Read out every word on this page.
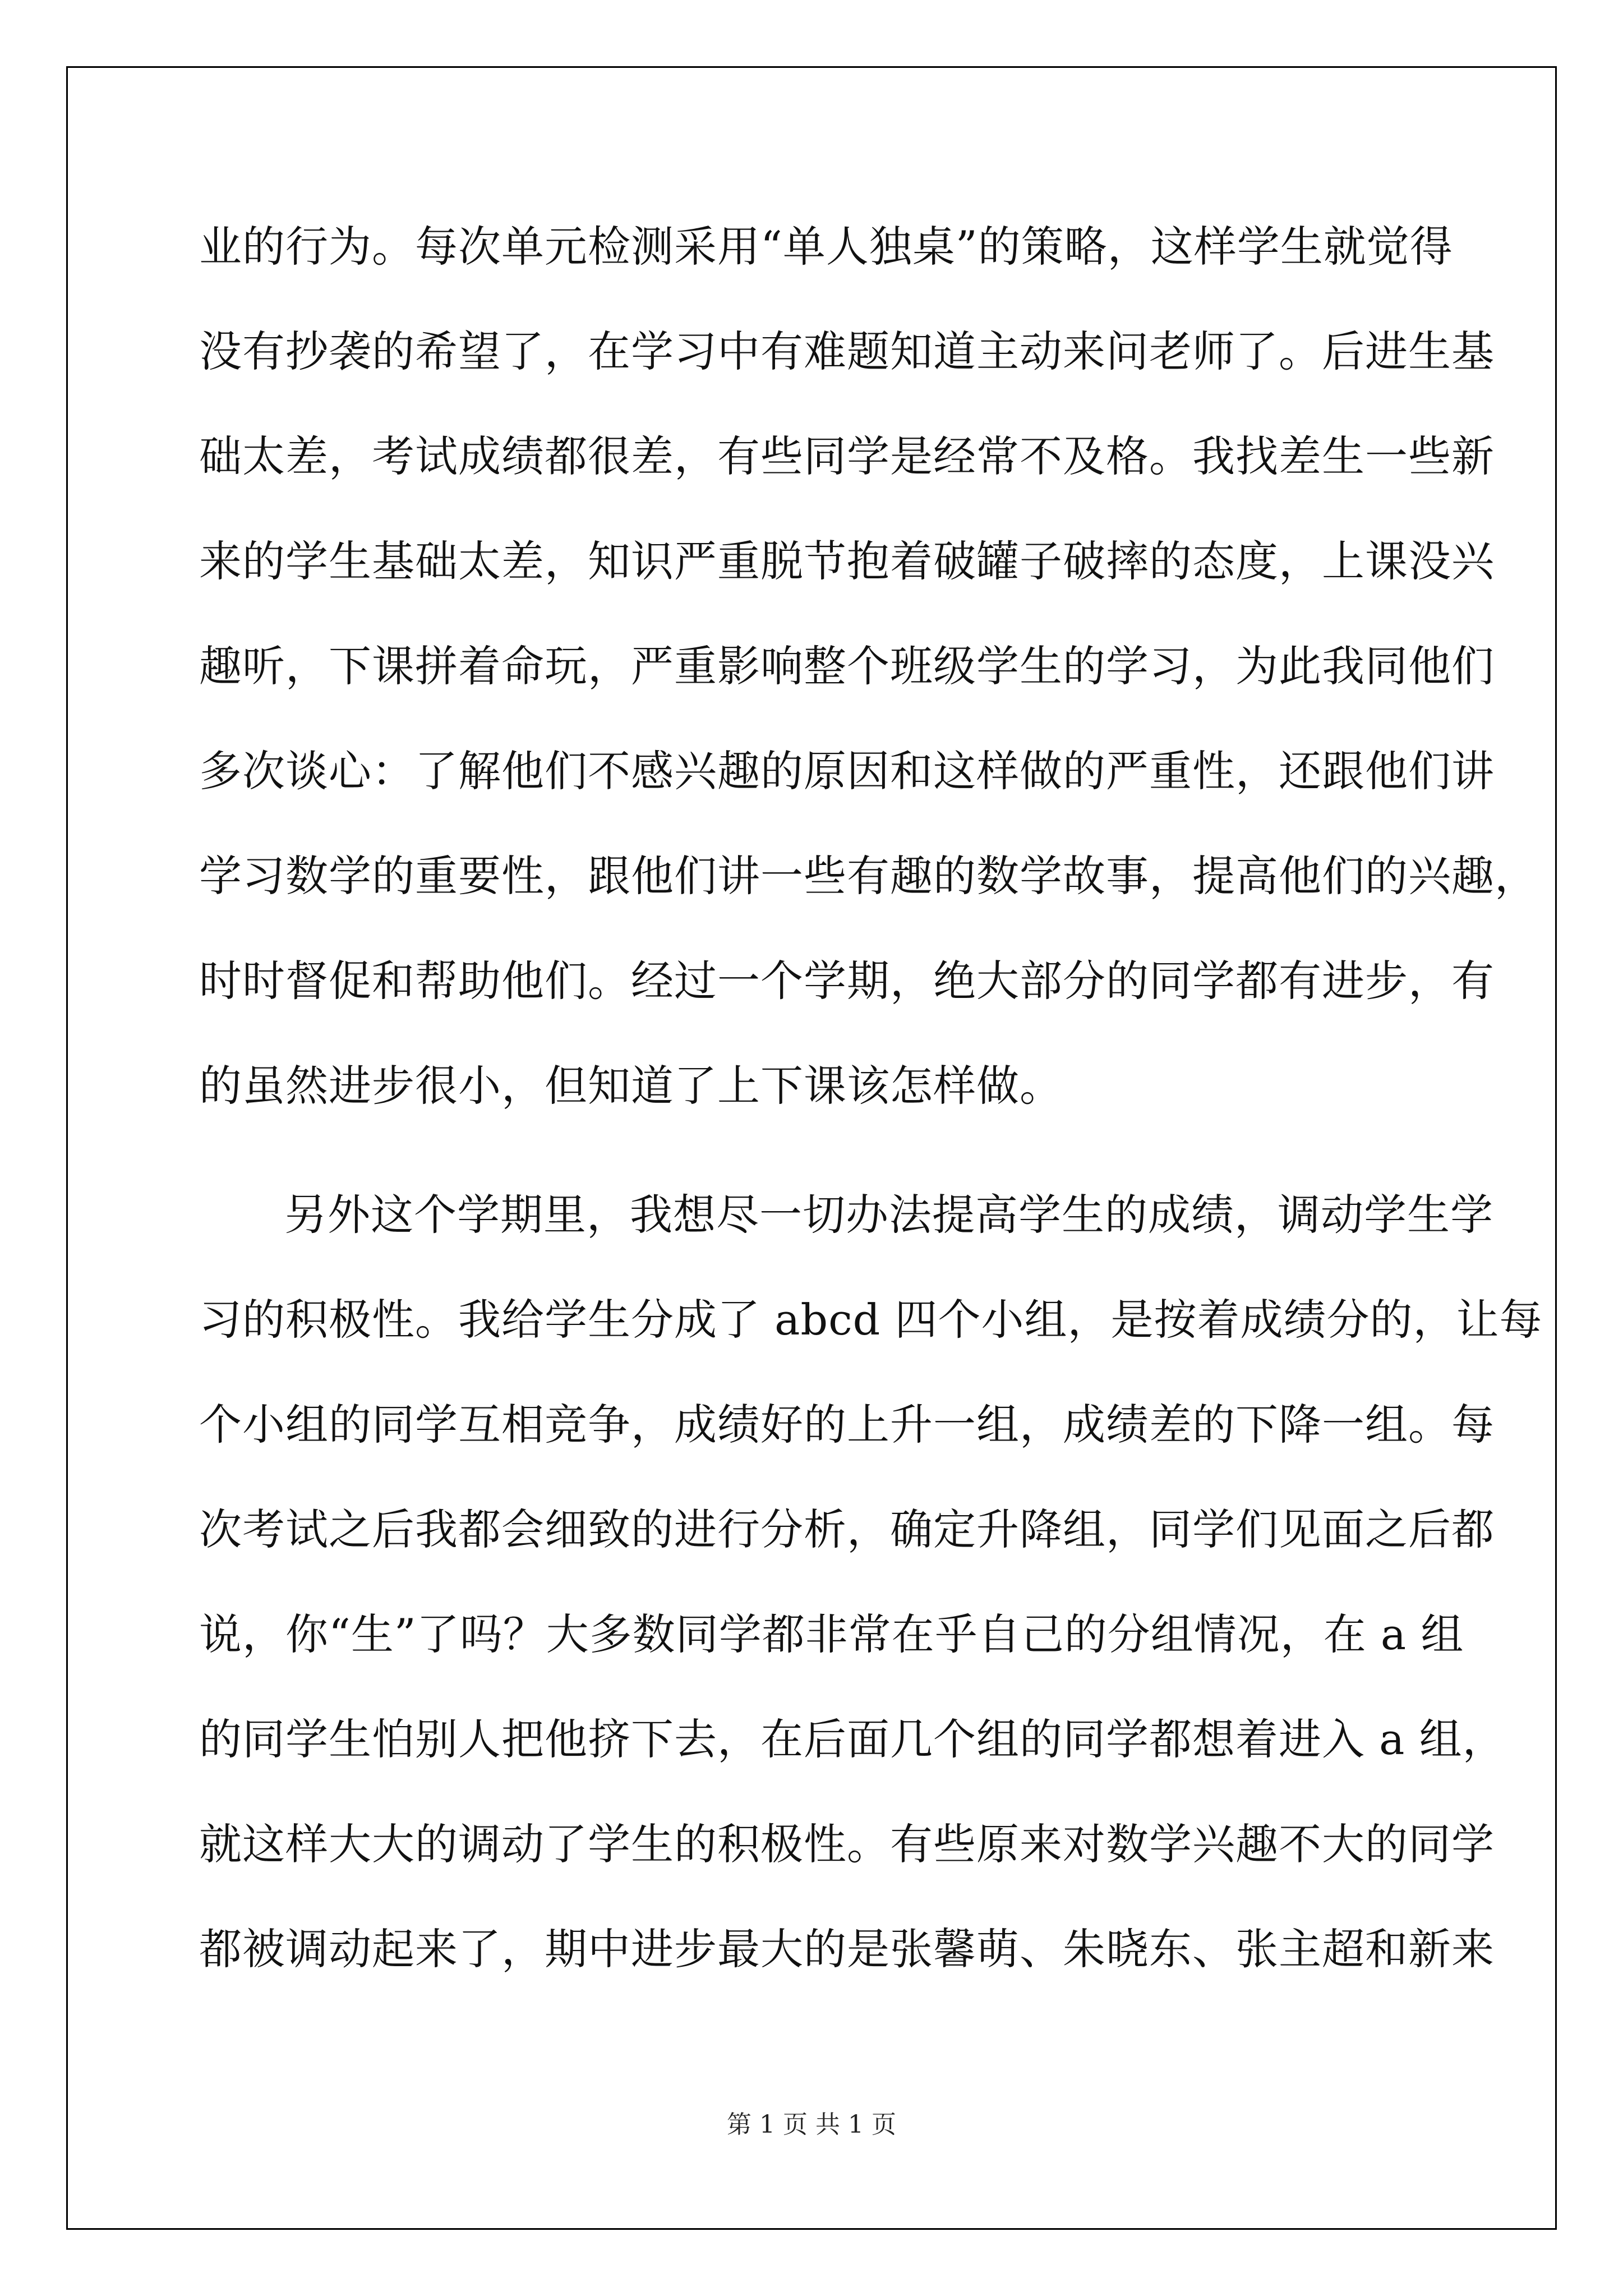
业的行为。每次单元检测采用“单人独桌”的策略，这样学生就觉得
没有抄袭的希望了，在学习中有难题知道主动来问老师了。后进生基
础太差，考试成绩都很差，有些同学是经常不及格。我找差生一些新
来的学生基础太差，知识严重脱节抱着破罐子破摔的态度，上课没兴
趣听，下课拼着命玩，严重影响整个班级学生的学习，为此我同他们
多次谈心：了解他们不感兴趣的原因和这样做的严重性，还跟他们讲
学习数学的重要性，跟他们讲一些有趣的数学故事，提高他们的兴趣，
时时督促和帮助他们。经过一个学期，绝大部分的同学都有进步，有
的虽然进步很小，但知道了上下课该怎样做。
另外这个学期里，我想尽一切办法提高学生的成绩，调动学生学
习的积极性。我给学生分成了 abcd 四个小组，是按着成绩分的，让每
个小组的同学互相竞争，成绩好的上升一组，成绩差的下降一组。每
次考试之后我都会细致的进行分析，确定升降组，同学们见面之后都
说，你“生”了吗？大多数同学都非常在乎自己的分组情况，在 a 组
的同学生怕别人把他挤下去，在后面几个组的同学都想着进入 a 组，
就这样大大的调动了学生的积极性。有些原来对数学兴趣不大的同学
都被调动起来了，期中进步最大的是张馨萌、朱晓东、张主超和新来
第 1 页 共 1 页
